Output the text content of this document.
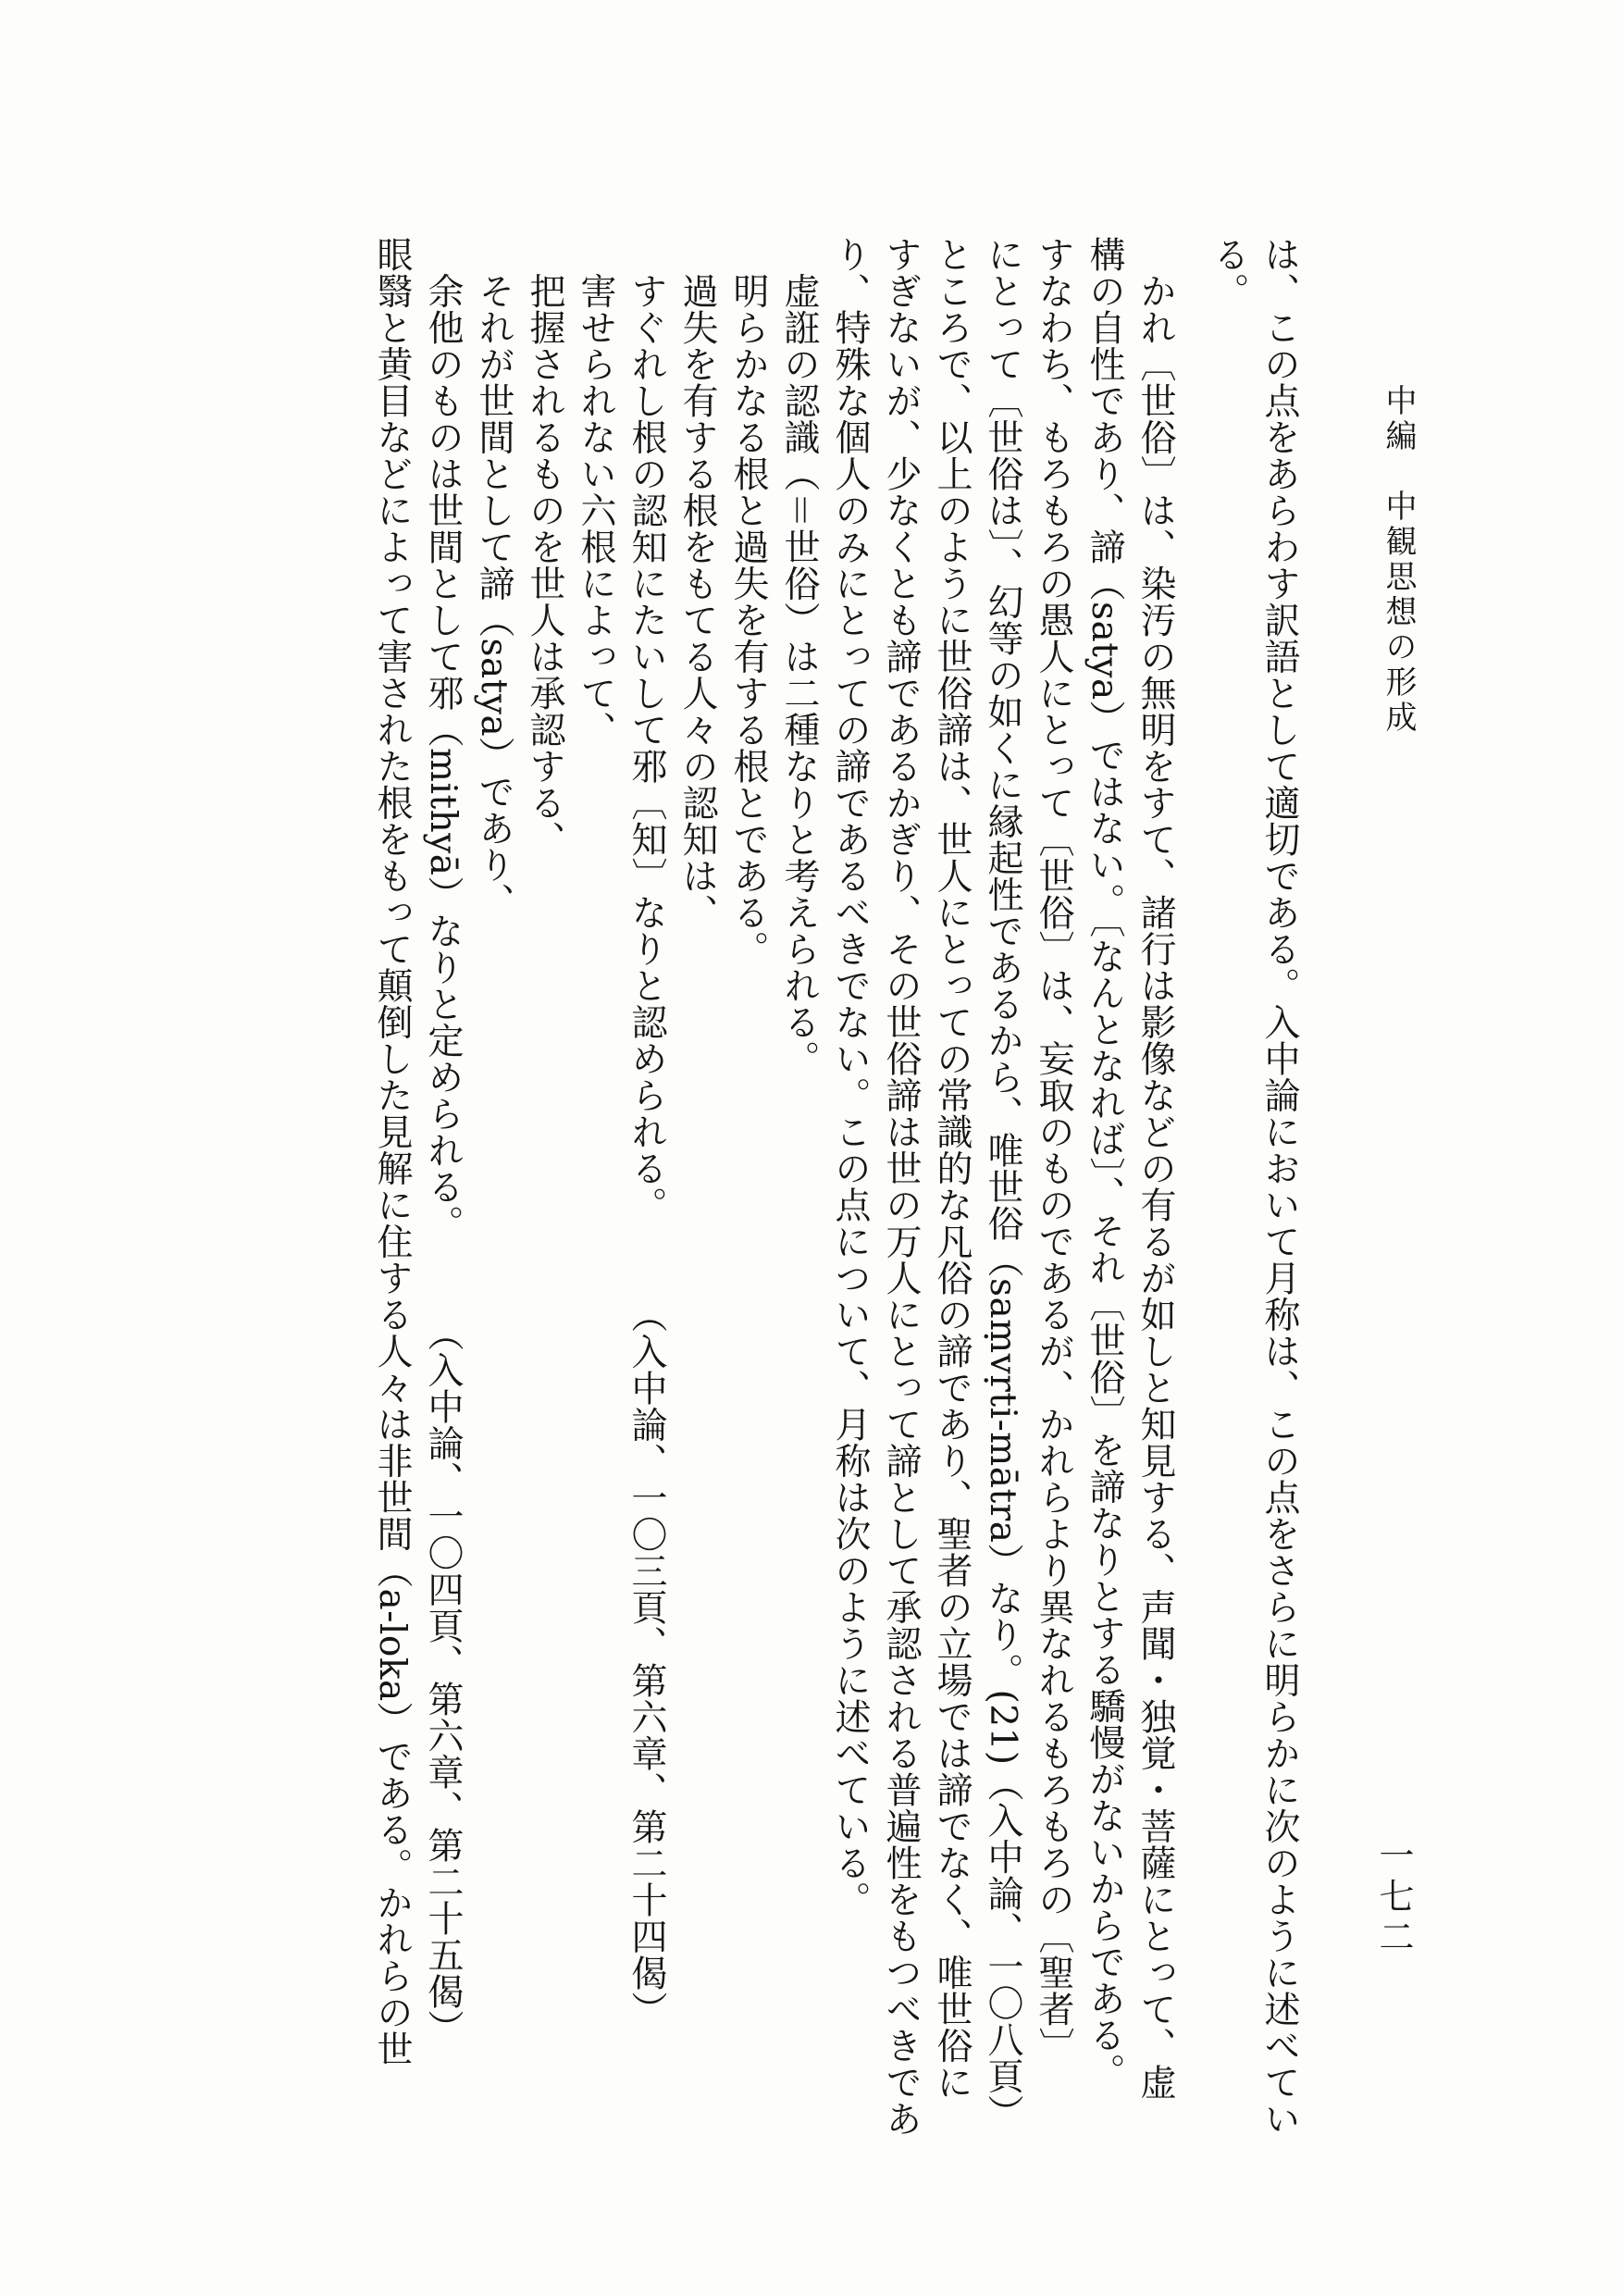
中編　中観思想の形成
一七二
は、この点をあらわす訳語として適切である。入中論において月称は、この点をさらに明らかに次のように述べてい
る。
　かれ〔世俗〕は、染汚の無明をすて、諸行は影像などの有るが如しと知見する、声聞・独覚・菩薩にとって、虚
構の自性であり、諦（satya）ではない。〔なんとなれば〕、それ〔世俗〕を諦なりとする驕慢がないからである。
すなわち、もろもろの愚人にとって〔世俗〕は、妄取のものであるが、かれらより異なれるもろもろの〔聖者〕
にとって〔世俗は〕、幻等の如くに縁起性であるから、唯世俗（saṃvṛti-mātra）なり。(21)（入中論、一〇八頁）
ところで、以上のように世俗諦は、世人にとっての常識的な凡俗の諦であり、聖者の立場では諦でなく、唯世俗に
すぎないが、少なくとも諦であるかぎり、その世俗諦は世の万人にとって諦として承認される普遍性をもつべきであ
り、特殊な個人のみにとっての諦であるべきでない。この点について、月称は次のように述べている。
　虚誑の認識（＝世俗）は二種なりと考えられる。
　明らかなる根と過失を有する根とである。
　過失を有する根をもてる人々の認知は、
　すぐれし根の認知にたいして邪〔知〕なりと認められる。　　　（入中論、一〇三頁、第六章、第二十四偈）
　害せられない六根によって、
　把握されるものを世人は承認する、
　それが世間として諦（satya）であり、
　余他のものは世間として邪（mithyā）なりと定められる。　　　（入中論、一〇四頁、第六章、第二十五偈）
眼翳と黄目などによって害された根をもって顛倒した見解に住する人々は非世間（a-loka）である。かれらの世
